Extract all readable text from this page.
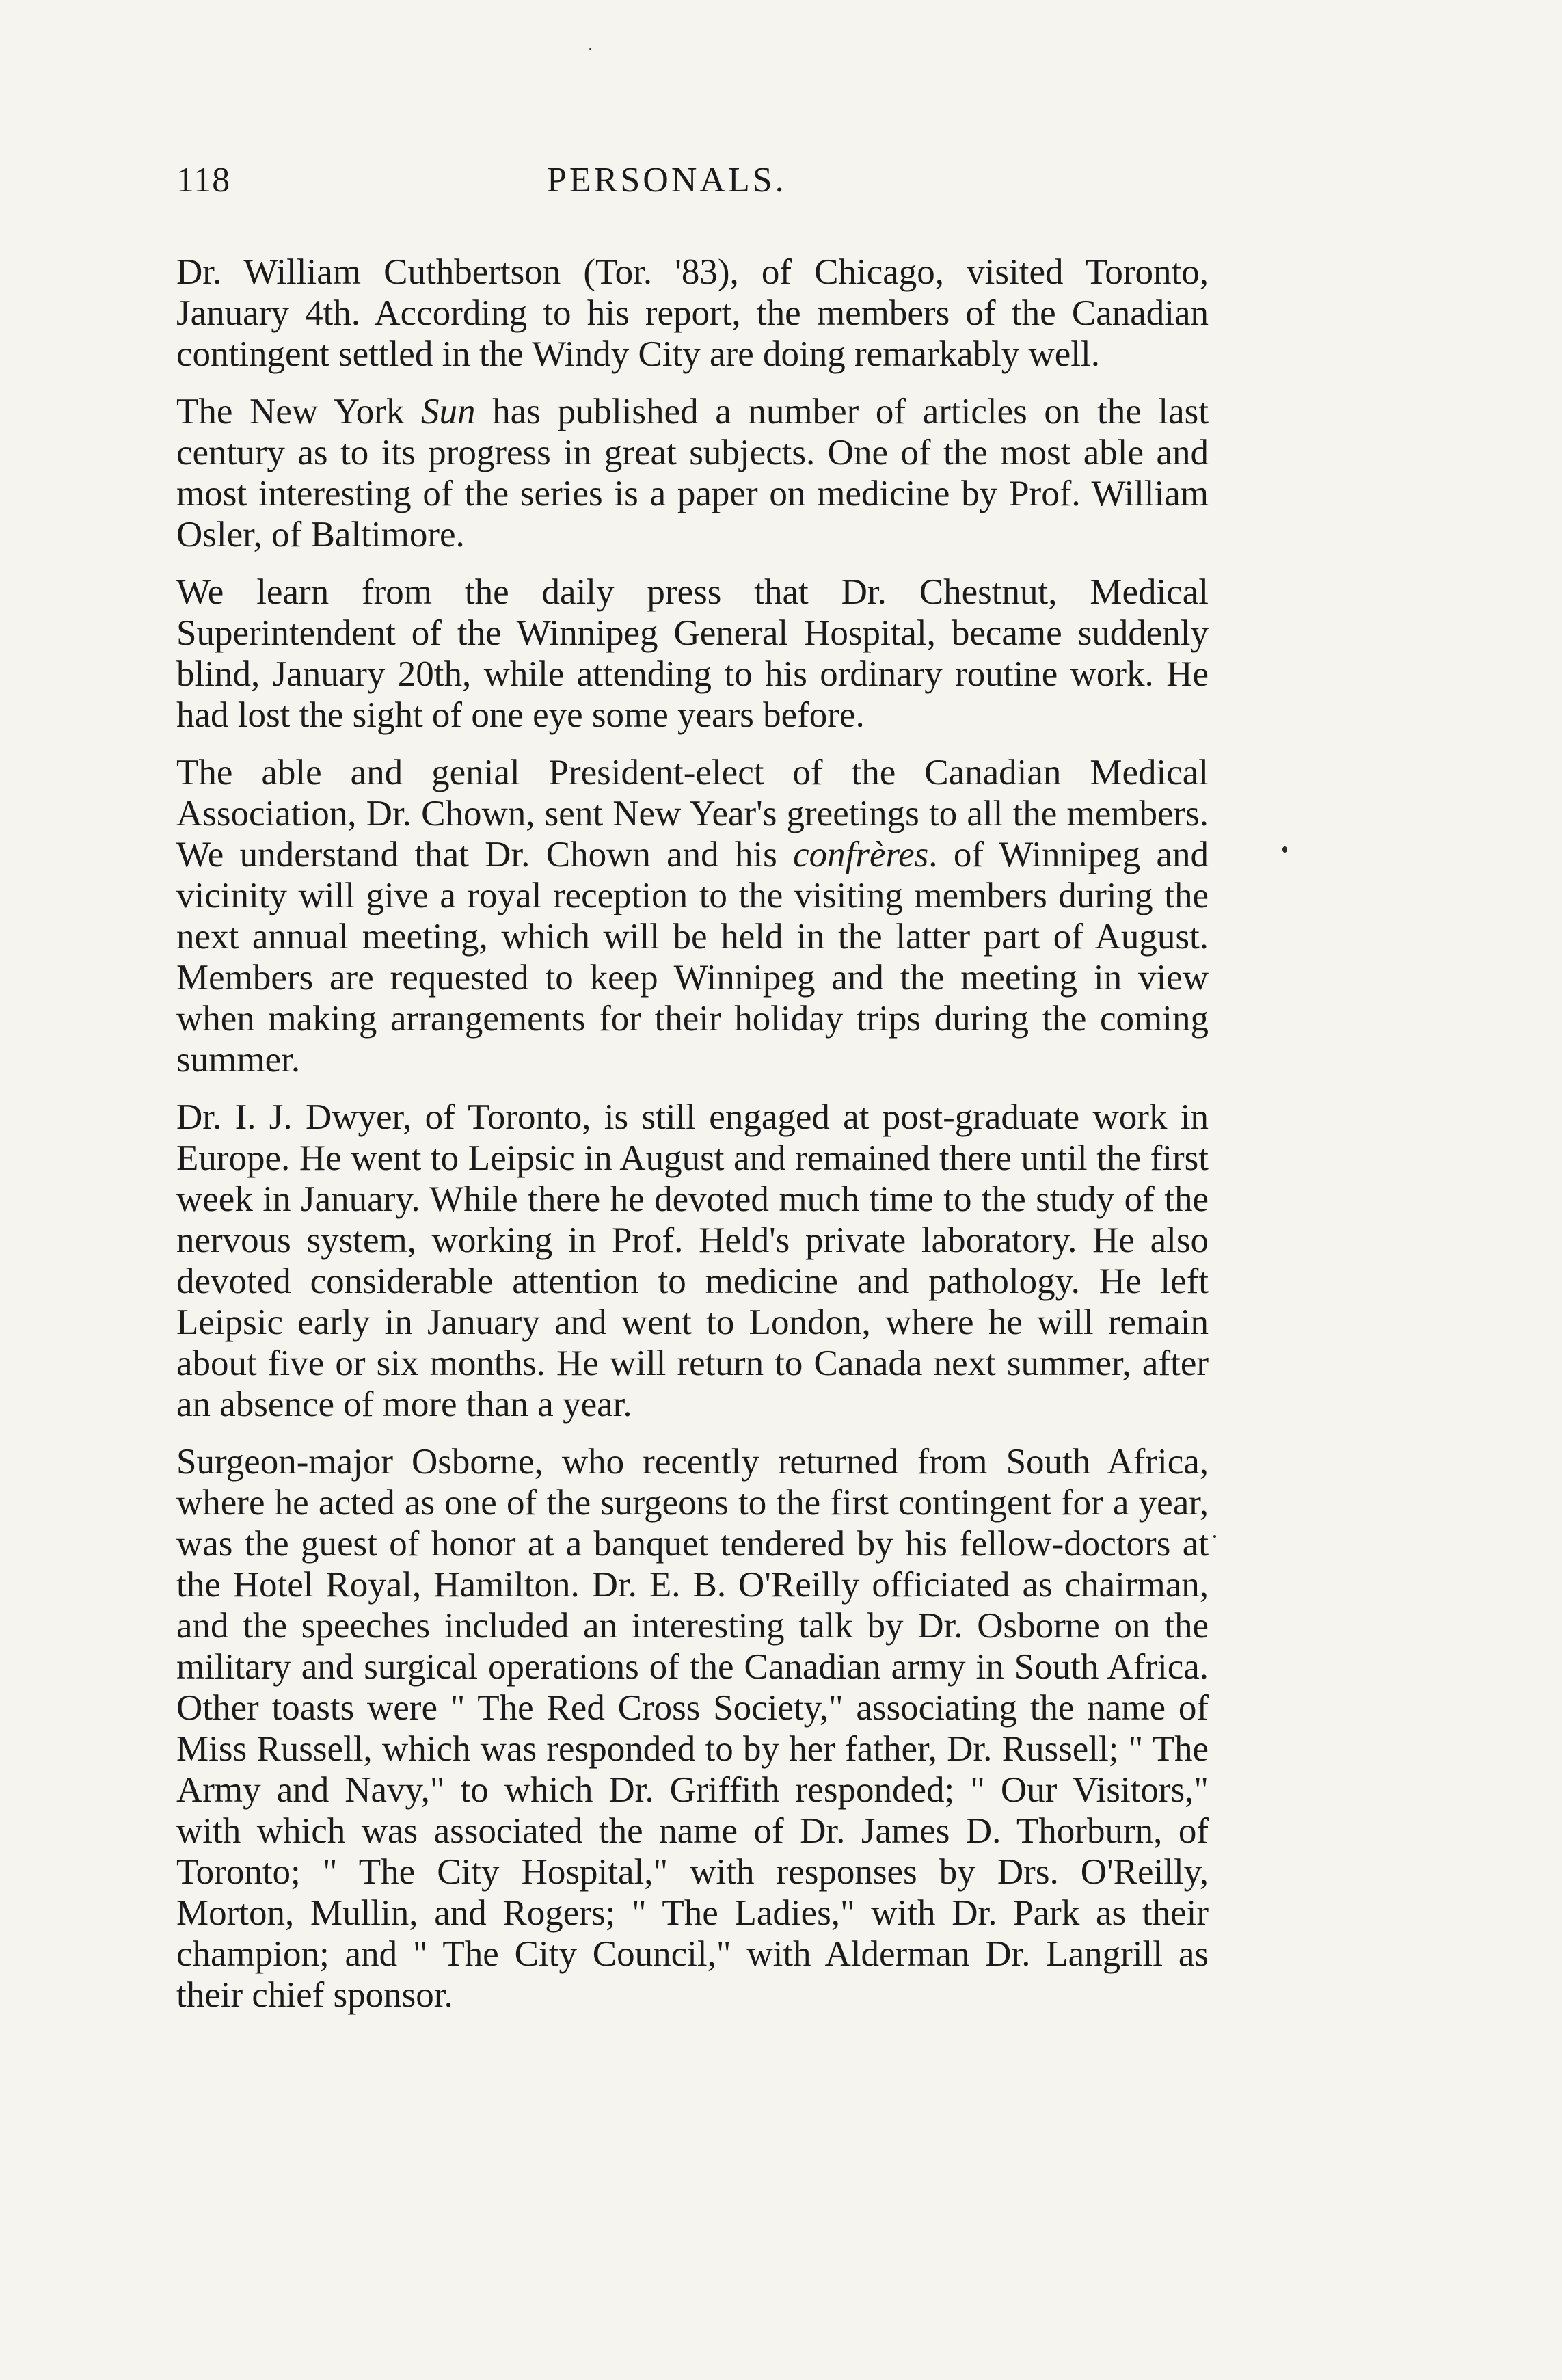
118	PERSONALS.

Dr. William Cuthbertson (Tor. '83), of Chicago, visited Toronto, January 4th. According to his report, the members of the Canadian contingent settled in the Windy City are doing remarkably well.

The New York Sun has published a number of articles on the last century as to its progress in great subjects. One of the most able and most interesting of the series is a paper on medicine by Prof. William Osler, of Baltimore.

We learn from the daily press that Dr. Chestnut, Medical Superintendent of the Winnipeg General Hospital, became suddenly blind, January 20th, while attending to his ordinary routine work. He had lost the sight of one eye some years before.

The able and genial President-elect of the Canadian Medical Association, Dr. Chown, sent New Year's greetings to all the members. We understand that Dr. Chown and his confrères. of Winnipeg and vicinity will give a royal reception to the visiting members during the next annual meeting, which will be held in the latter part of August. Members are requested to keep Winnipeg and the meeting in view when making arrangements for their holiday trips during the coming summer.

Dr. I. J. Dwyer, of Toronto, is still engaged at post-graduate work in Europe. He went to Leipsic in August and remained there until the first week in January. While there he devoted much time to the study of the nervous system, working in Prof. Held's private laboratory. He also devoted considerable attention to medicine and pathology. He left Leipsic early in January and went to London, where he will remain about five or six months. He will return to Canada next summer, after an absence of more than a year.

Surgeon-major Osborne, who recently returned from South Africa, where he acted as one of the surgeons to the first contingent for a year, was the guest of honor at a banquet tendered by his fellow-doctors at the Hotel Royal, Hamilton. Dr. E. B. O'Reilly officiated as chairman, and the speeches included an interesting talk by Dr. Osborne on the military and surgical operations of the Canadian army in South Africa. Other toasts were " The Red Cross Society," associating the name of Miss Russell, which was responded to by her father, Dr. Russell; " The Army and Navy," to which Dr. Griffith responded; " Our Visitors," with which was associated the name of Dr. James D. Thorburn, of Toronto; " The City Hospital," with responses by Drs. O'Reilly, Morton, Mullin, and Rogers; " The Ladies," with Dr. Park as their champion; and " The City Council," with Alderman Dr. Langrill as their chief sponsor.
